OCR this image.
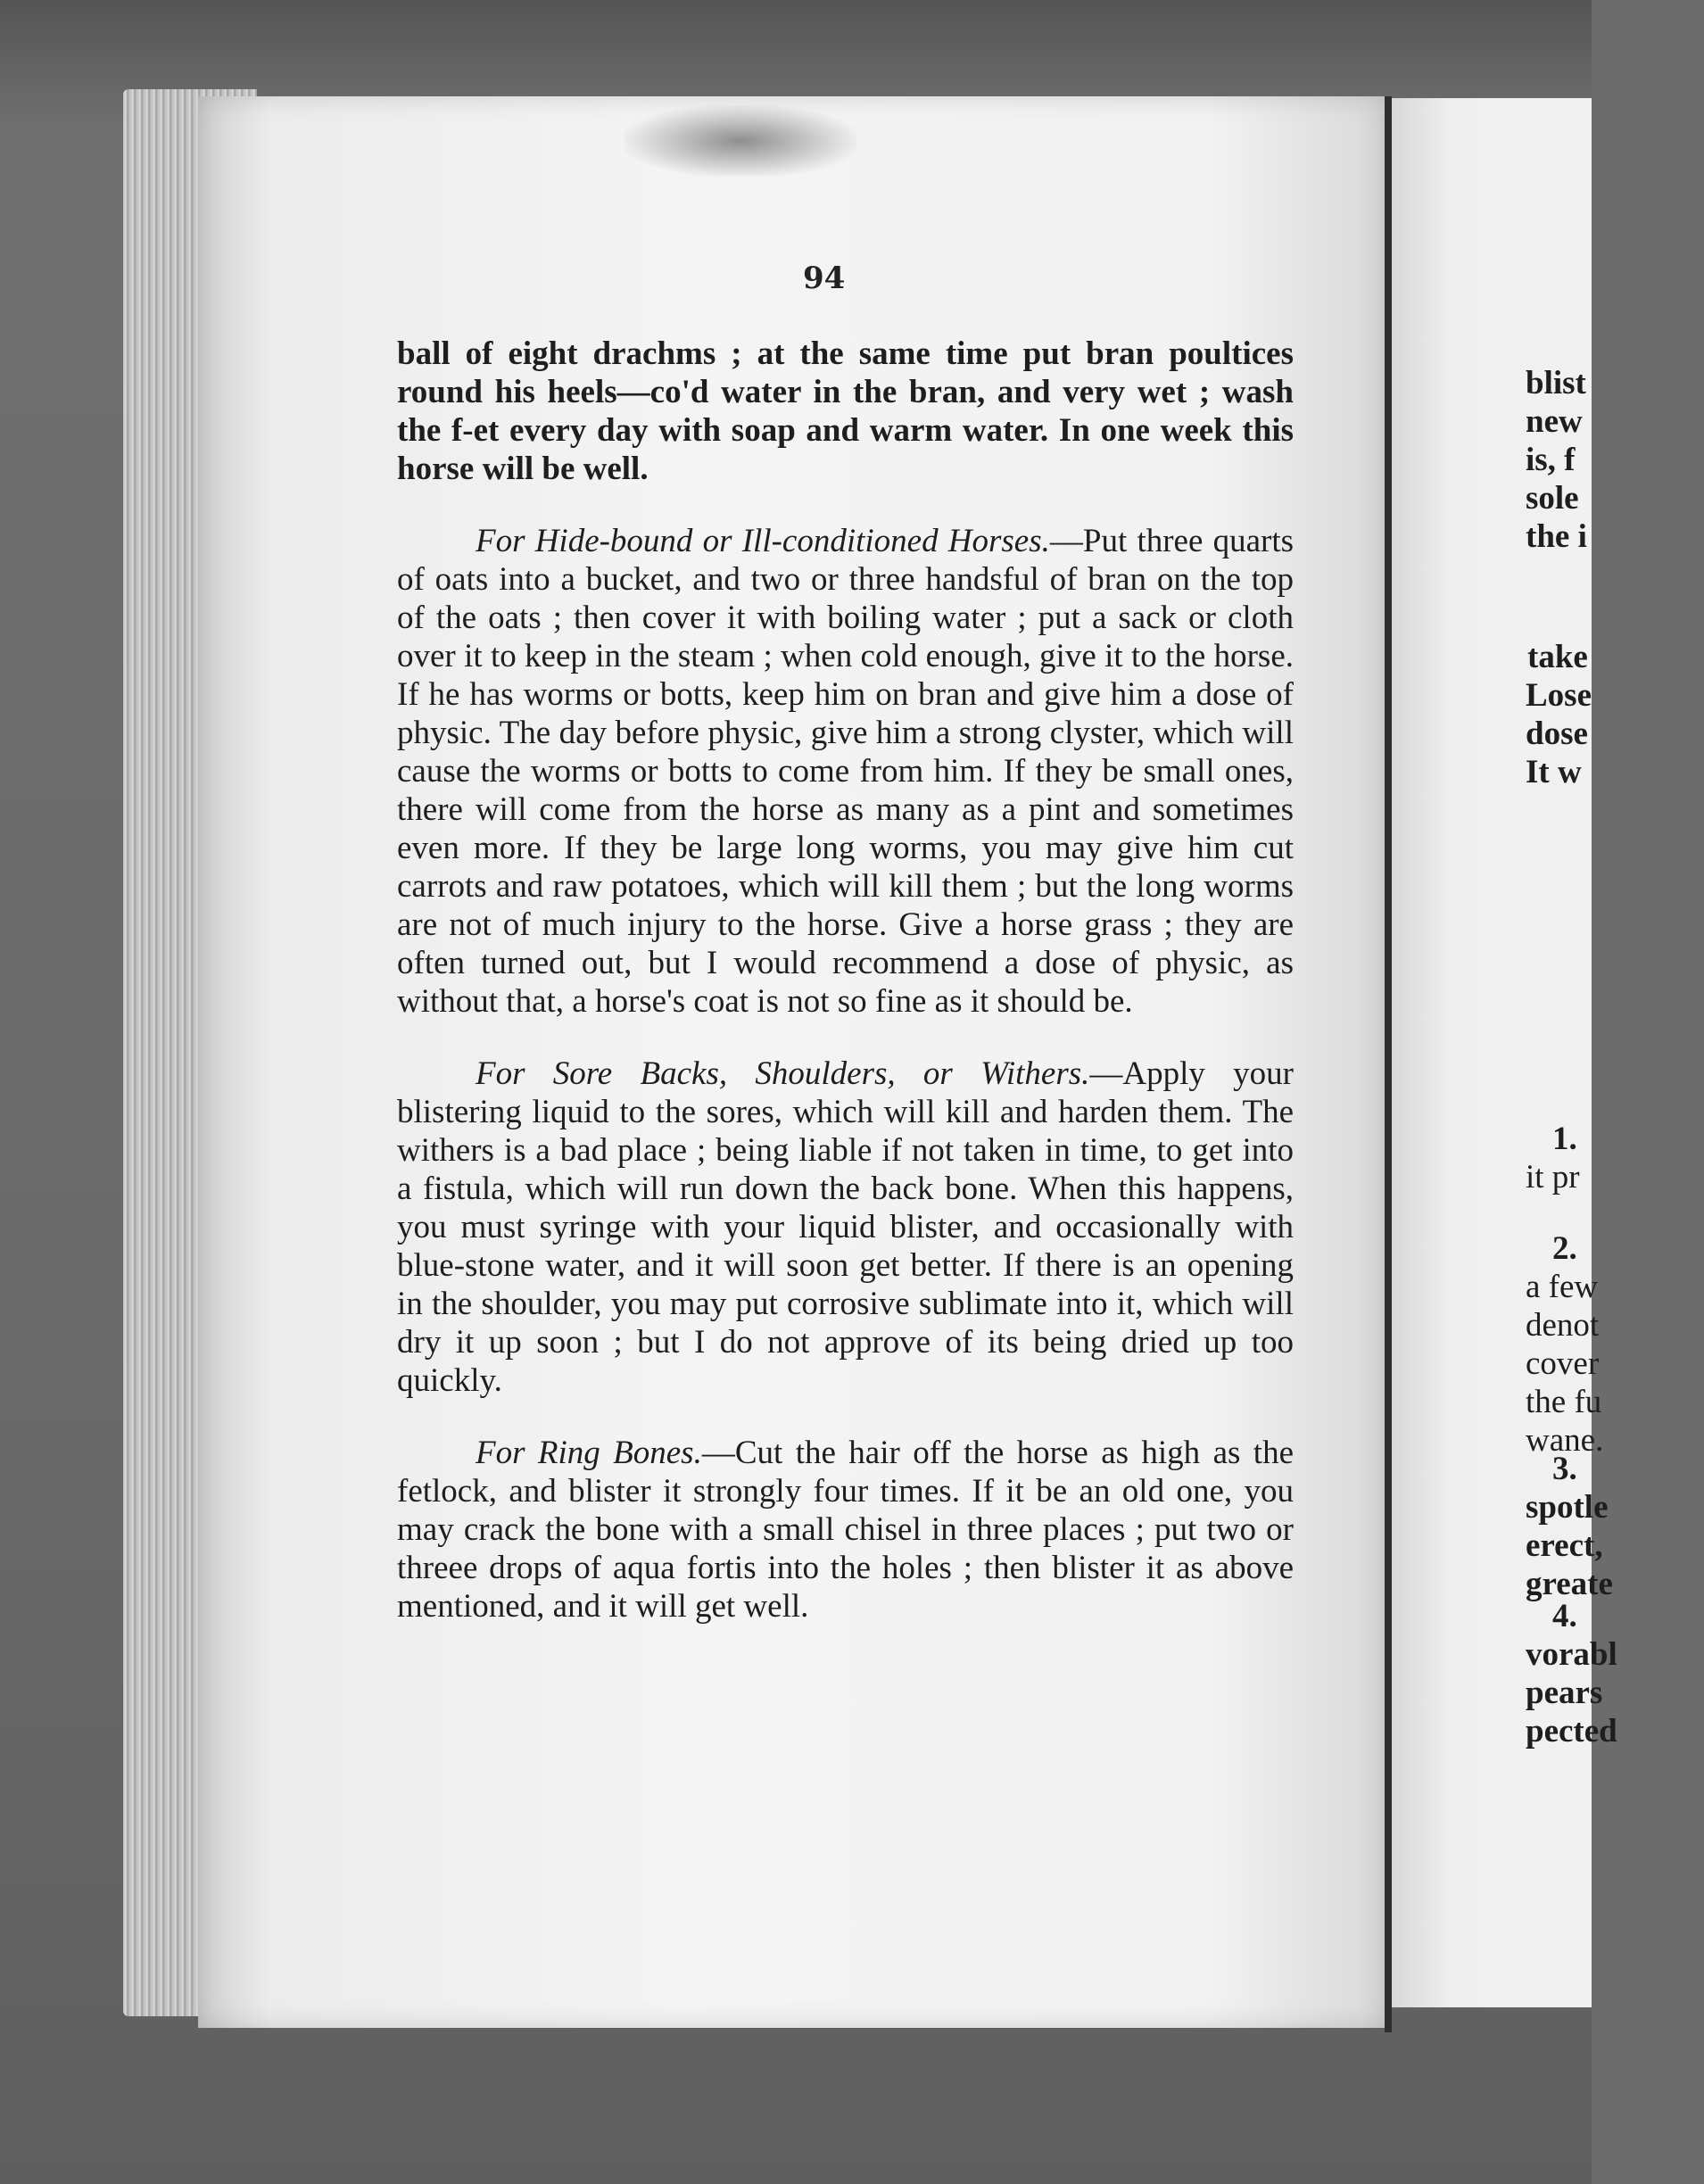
94

ball of eight drachms ; at the same time put bran poultices round his heels—co'd water in the bran, and very wet ; wash the f-et every day with soap and warm water. In one week this horse will be well.

For Hide-bound or Ill-conditioned Horses.—Put three quarts of oats into a bucket, and two or three handsful of bran on the top of the oats ; then cover it with boiling water ; put a sack or cloth over it to keep in the steam ; when cold enough, give it to the horse. If he has worms or botts, keep him on bran and give him a dose of physic. The day before physic, give him a strong clyster, which will cause the worms or botts to come from him. If they be small ones, there will come from the horse as many as a pint and sometimes even more. If they be large long worms, you may give him cut carrots and raw potatoes, which will kill them ; but the long worms are not of much injury to the horse. Give a horse grass ; they are often turned out, but I would recommend a dose of physic, as without that, a horse's coat is not so fine as it should be.

For Sore Backs, Shoulders, or Withers.—Apply your blistering liquid to the sores, which will kill and harden them. The withers is a bad place ; being liable if not taken in time, to get into a fistula, which will run down the back bone. When this happens, you must syringe with your liquid blister, and occasionally with blue-stone water, and it will soon get better. If there is an opening in the shoulder, you may put corrosive sublimate into it, which will dry it up soon ; but I do not approve of its being dried up too quickly.

For Ring Bones.—Cut the hair off the horse as high as the fetlock, and blister it strongly four times. If it be an old one, you may crack the bone with a small chisel in three places ; put two or threee drops of aqua fortis into the holes ; then blister it as above mentioned, and it will get well.

blist
new
is, f
sole
the i
take
Lose
dose
It w
1.
it pr
2.
a few
denot
cover
the fu
wane.
3.
spotle
erect,
greate
4.
vorabl
pears
pected
